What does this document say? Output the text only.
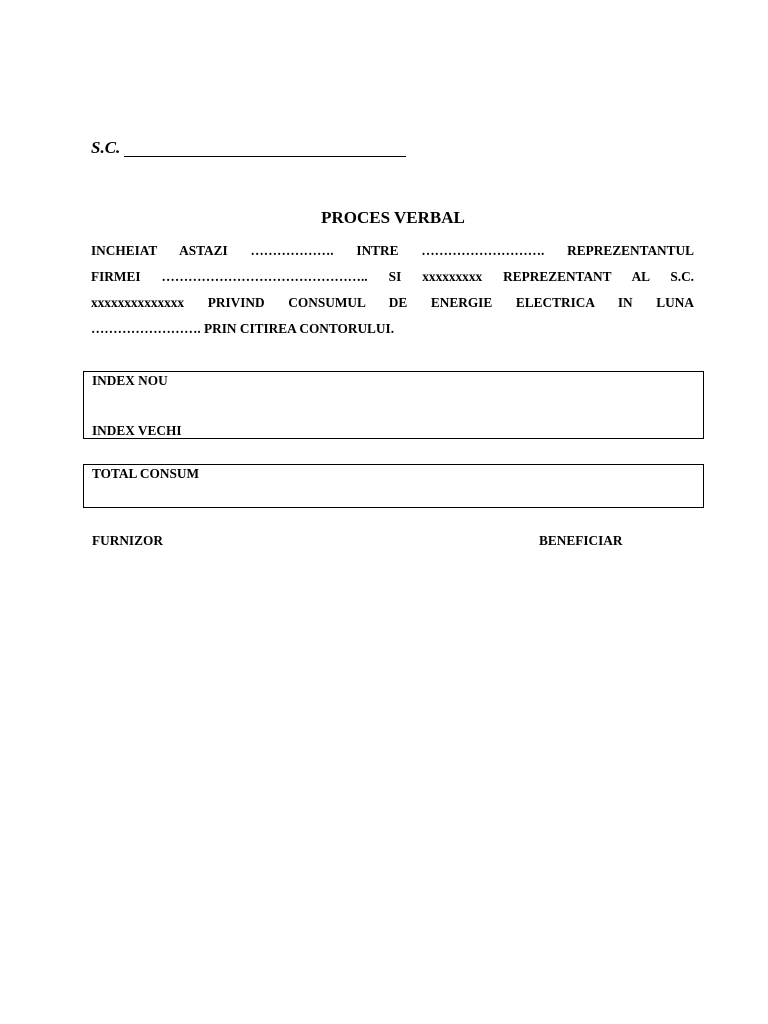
S.C.
PROCES VERBAL

INCHEIAT ASTAZI ………………. INTRE ………………………. REPREZENTANTUL

FIRMEI ……………………………………….. SI xxxxxxxxx REPREZENTANT AL S.C.

xxxxxxxxxxxxxx PRIVIND CONSUMUL DE ENERGIE ELECTRICA IN LUNA

……………………. PRIN CITIREA CONTORULUI.

INDEX NOU
INDEX VECHI
TOTAL CONSUM
FURNIZOR	BENEFICIAR
